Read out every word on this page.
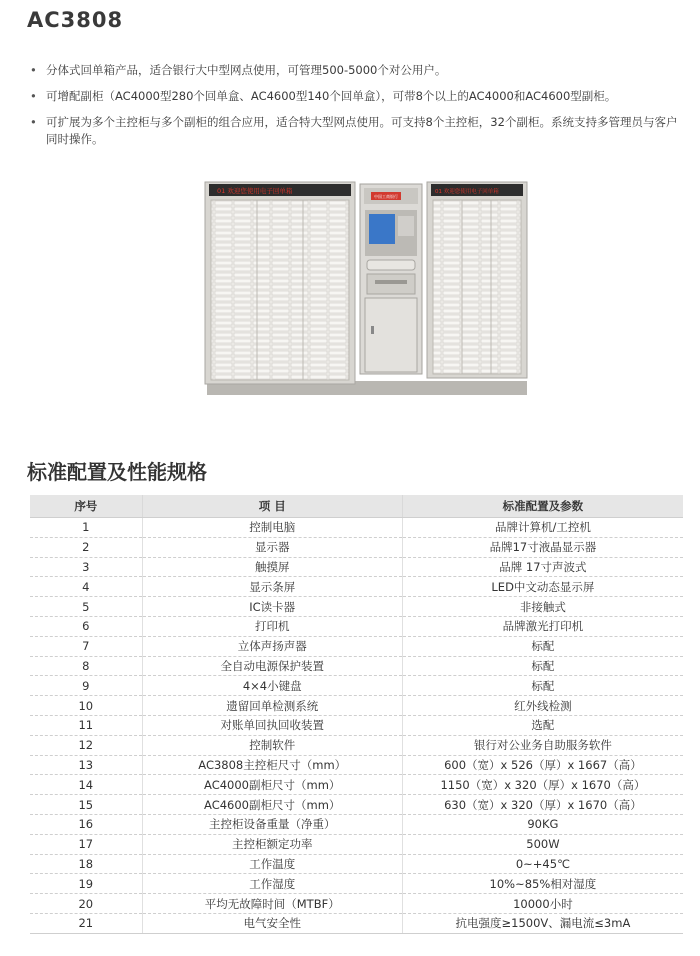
AC3808
• 分体式回单箱产品，适合银行大中型网点使用，可管理500-5000个对公用户。
• 可增配副柜（AC4000型280个回单盒、AC4600型140个回单盒），可带8个以上的AC4000和AC4600型副柜。
• 可扩展为多个主控柜与多个副柜的组合应用，适合特大型网点使用。可支持8个主控柜，32个副柜。系统支持多管理员与客户同时操作。
01 欢迎您使用电子回单箱
中国工商银行
01 欢迎您使用电子回单箱
标准配置及性能规格
序号	项 目	标准配置及参数
1	控制电脑	品牌计算机/工控机
2	显示器	品牌17寸液晶显示器
3	触摸屏	品牌 17寸声波式
4	显示条屏	LED中文动态显示屏
5	IC读卡器	非接触式
6	打印机	品牌激光打印机
7	立体声扬声器	标配
8	全自动电源保护装置	标配
9	4×4小键盘	标配
10	遗留回单检测系统	红外线检测
11	对账单回执回收装置	选配
12	控制软件	银行对公业务自助服务软件
13	AC3808主控柜尺寸（mm）	600（宽）x 526（厚）x 1667（高）
14	AC4000副柜尺寸（mm）	1150（宽）x 320（厚）x 1670（高）
15	AC4600副柜尺寸（mm）	630（宽）x 320（厚）x 1670（高）
16	主控柜设备重量（净重）	90KG
17	主控柜额定功率	500W
18	工作温度	0~+45℃
19	工作湿度	10%~85%相对湿度
20	平均无故障时间（MTBF）	10000小时
21	电气安全性	抗电强度≥1500V、漏电流≤3mA
